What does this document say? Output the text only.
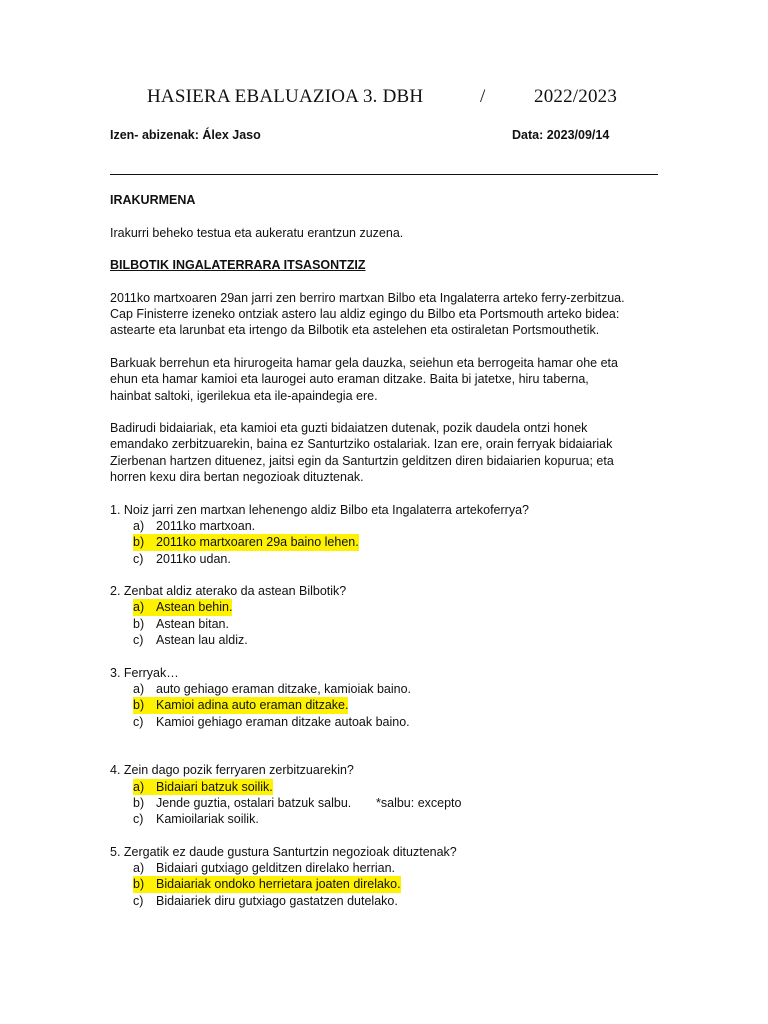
HASIERA EBALUAZIOA 3. DBH	/	2022/2023
Izen- abizenak: Álex Jaso	Data: 2023/09/14

IRAKURMENA

Irakurri beheko testua eta aukeratu erantzun zuzena.

BILBOTIK INGALATERRARA ITSASONTZIZ

2011ko martxoaren 29an jarri zen berriro martxan Bilbo eta Ingalaterra arteko ferry-zerbitzua.

Cap Finisterre izeneko ontziak astero lau aldiz egingo du Bilbo eta Portsmouth arteko bidea:

astearte eta larunbat eta irtengo da Bilbotik eta astelehen eta ostiraletan Portsmouthetik.

Barkuak berrehun eta hirurogeita hamar gela dauzka, seiehun eta berrogeita hamar ohe eta

ehun eta hamar kamioi eta laurogei auto eraman ditzake. Baita bi jatetxe, hiru taberna,

hainbat saltoki, igerilekua eta ile-apaindegia ere.

Badirudi bidaiariak, eta kamioi eta guzti bidaiatzen dutenak, pozik daudela ontzi honek

emandako zerbitzuarekin, baina ez Santurtziko ostalariak. Izan ere, orain ferryak bidaiariak

Zierbenan hartzen dituenez, jaitsi egin da Santurtzin gelditzen diren bidaiarien kopurua; eta

horren kexu dira bertan negozioak dituztenak.

1. Noiz jarri zen martxan lehenengo aldiz Bilbo eta Ingalaterra artekoferrya?

a) 2011ko martxoan.
b) 2011ko martxoaren 29a baino lehen.
c) 2011ko udan.

2. Zenbat aldiz aterako da astean Bilbotik?

a) Astean behin.
b) Astean bitan.
c) Astean lau aldiz.

3. Ferryak…

a) auto gehiago eraman ditzake, kamioiak baino.
b) Kamioi adina auto eraman ditzake.
c) Kamioi gehiago eraman ditzake autoak baino.

4. Zein dago pozik ferryaren zerbitzuarekin?

a) Bidaiari batzuk soilik.
b) Jende guztia, ostalari batzuk salbu. *salbu: excepto
c) Kamioilariak soilik.

5. Zergatik ez daude gustura Santurtzin negozioak dituztenak?

a) Bidaiari gutxiago gelditzen direlako herrian.
b) Bidaiariak ondoko herrietara joaten direlako.
c) Bidaiariek diru gutxiago gastatzen dutelako.
